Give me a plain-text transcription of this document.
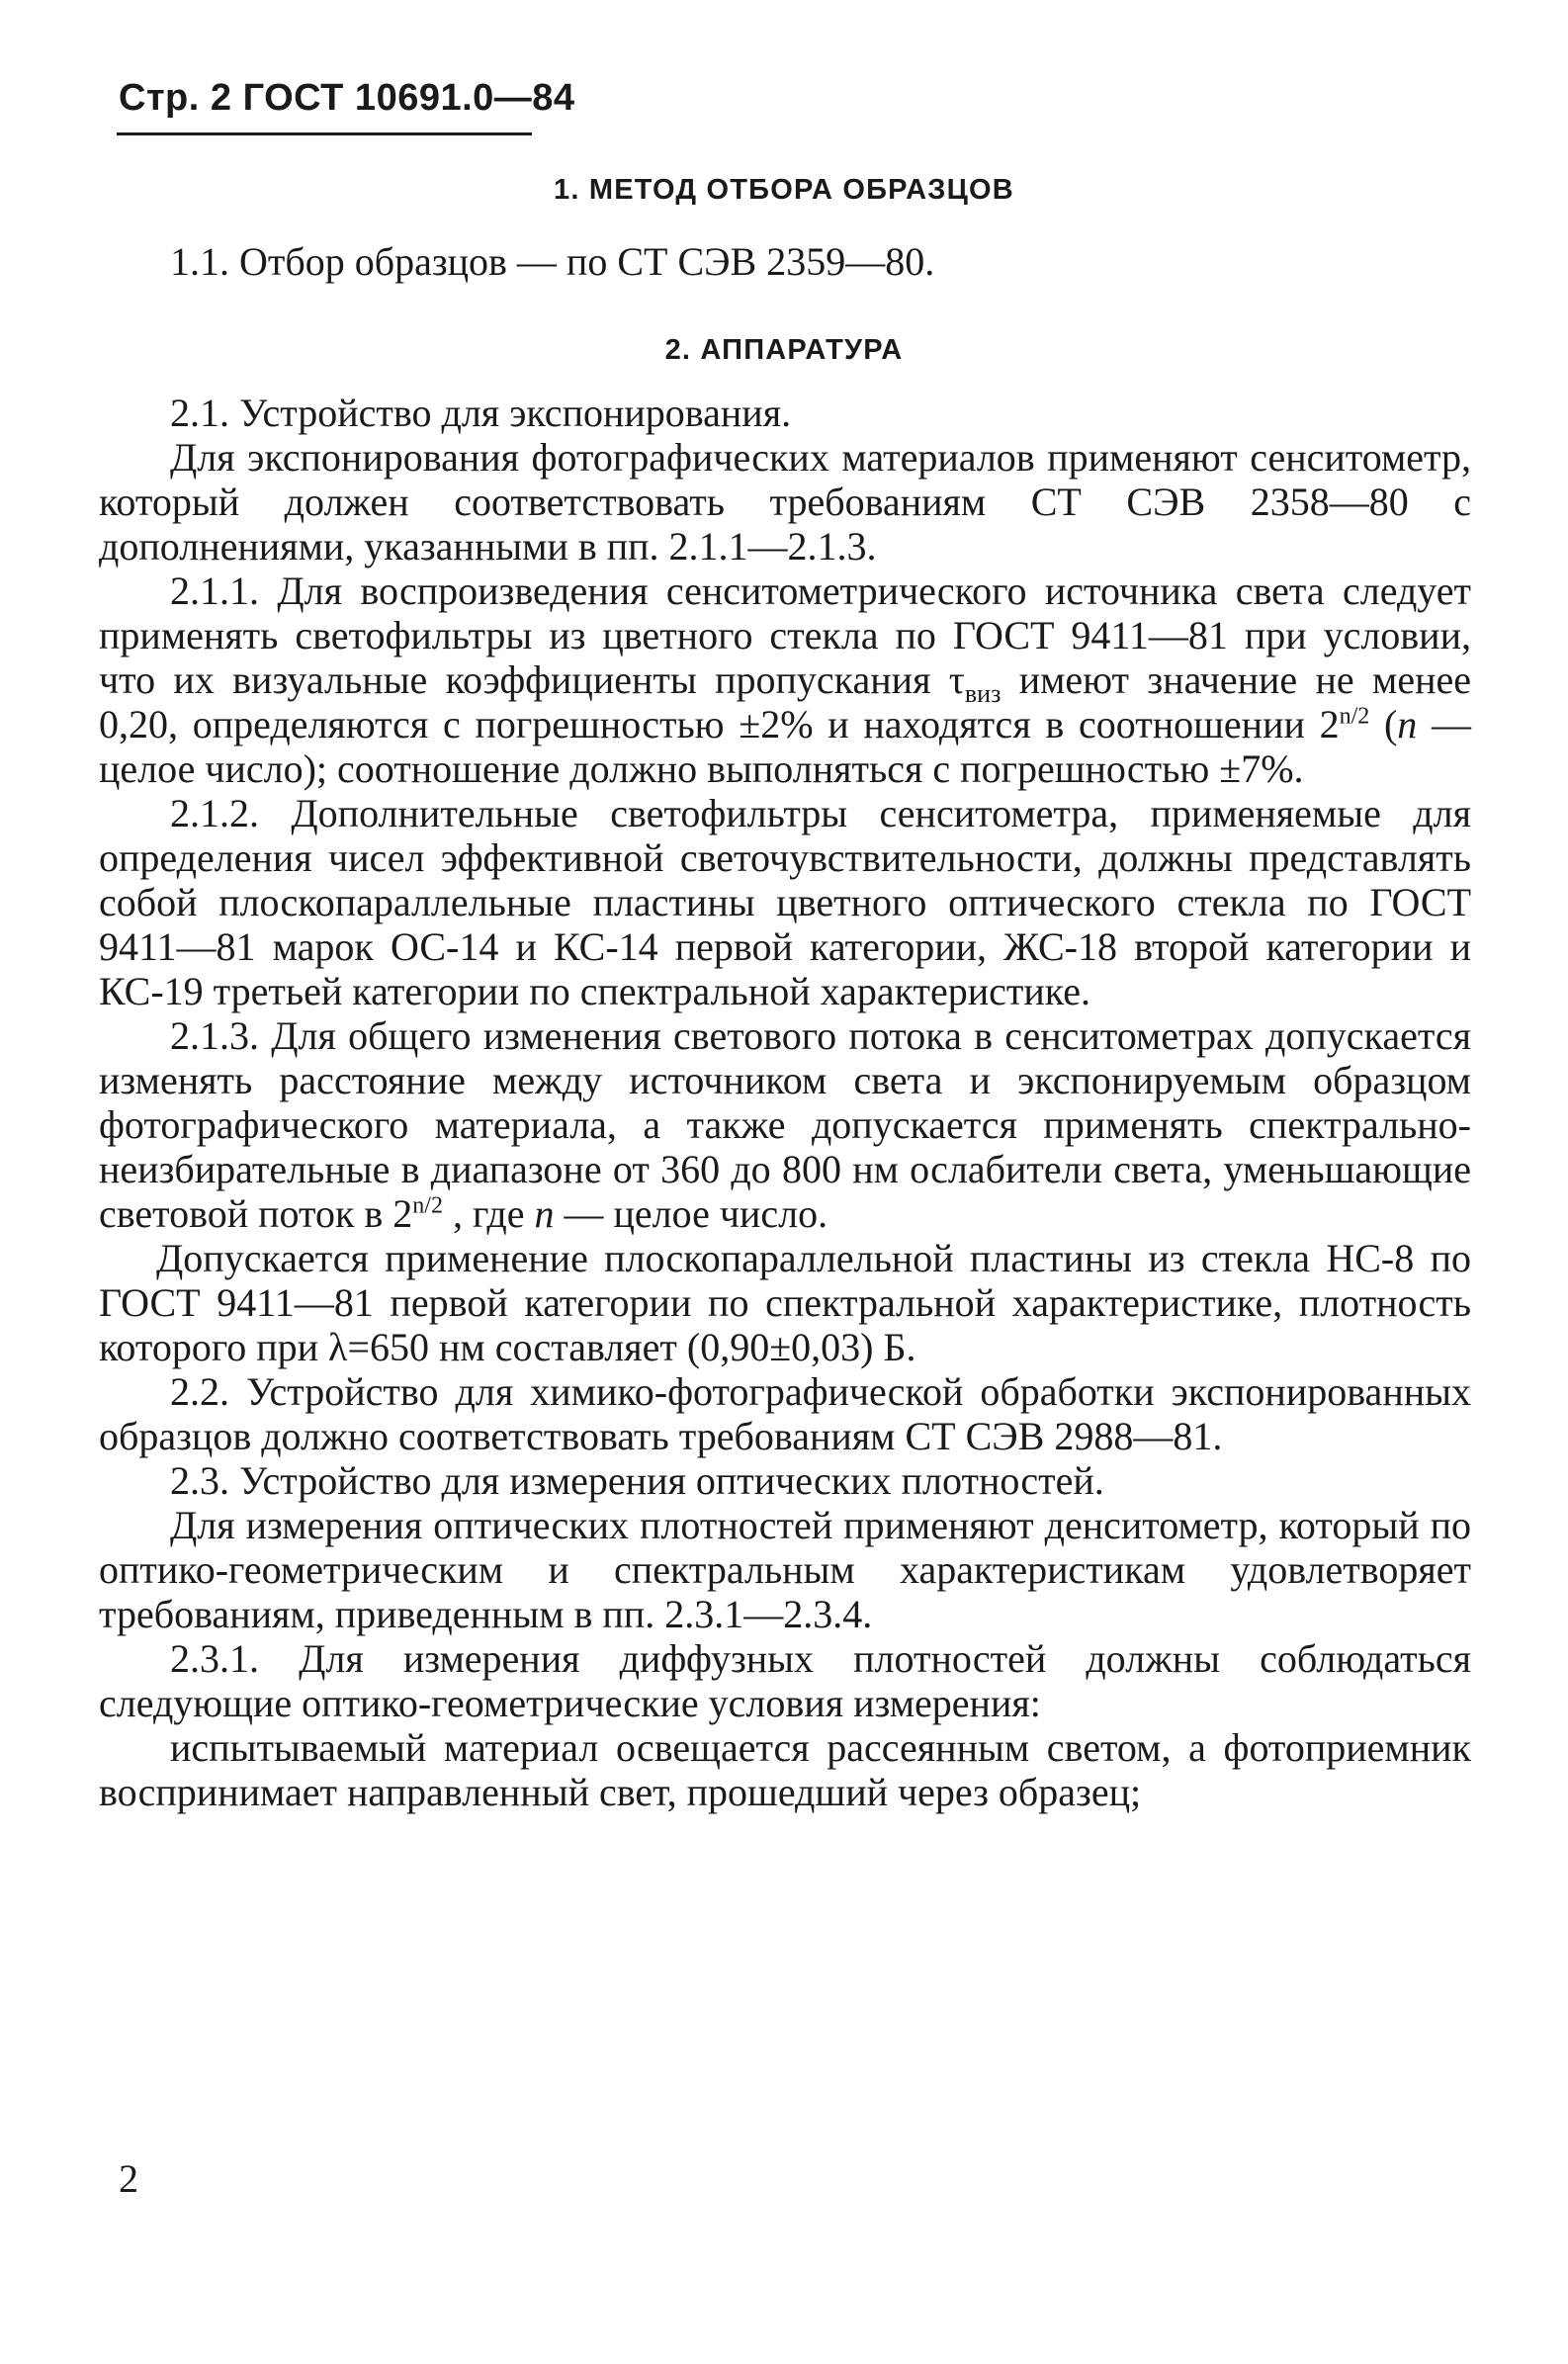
Стр. 2 ГОСТ 10691.0—84
1. МЕТОД ОТБОРА ОБРАЗЦОВ

1.1. Отбор образцов — по СТ СЭВ 2359—80.

2.1. Устройство для экспонирования.

Для экспонирования фотографических материалов применяют сенситометр, который должен соответствовать требованиям СТ СЭВ 2358—80 с дополнениями, указанными в пп. 2.1.1—2.1.3.

2.1.1. Для воспроизведения сенситометрического источника света следует применять светофильтры из цветного стекла по ГОСТ 9411—81 при условии, что их визуальные коэффициенты пропускания $\tau_{виз}$ имеют значение не менее 0,20, определяются с погрешностью ±2% и находятся в соотношении $2^{n/2}$ (n — целое число); соотношение должно выполняться с погрешностью ±7%.

2.1.2. Дополнительные светофильтры сенситометра, применяемые для определения чисел эффективной светочувствительности, должны представлять собой плоскопараллельные пластины цветного оптического стекла по ГОСТ 9411—81 марок ОС-14 и КС-14 первой категории, ЖС-18 второй категории и КС-19 третьей категории по спектральной характеристике.

2.1.3. Для общего изменения светового потока в сенситометрах допускается изменять расстояние между источником света и экспонируемым образцом фотографического материала, а также допускается применять спектрально-неизбирательные в диапазоне от 360 до 800 нм ослабители света, уменьшающие световой поток в $2^{n/2}$ , где n — целое число.

Допускается применение плоскопараллельной пластины из стекла НС-8 по ГОСТ 9411—81 первой категории по спектральной характеристике, плотность которого при λ=650 нм составляет (0,90±0,03) Б.

2.2. Устройство для химико-фотографической обработки экспонированных образцов должно соответствовать требованиям СТ СЭВ 2988—81.

2.3. Устройство для измерения оптических плотностей.

Для измерения оптических плотностей применяют денситометр, который по оптико-геометрическим и спектральным характеристикам удовлетворяет требованиям, приведенным в пп. 2.3.1—2.3.4.

2.3.1. Для измерения диффузных плотностей должны соблюдаться следующие оптико-геометрические условия измерения:

испытываемый материал освещается рассеянным светом, а фотоприемник воспринимает направленный свет, прошедший через образец;

2. АППАРАТУРА
2
